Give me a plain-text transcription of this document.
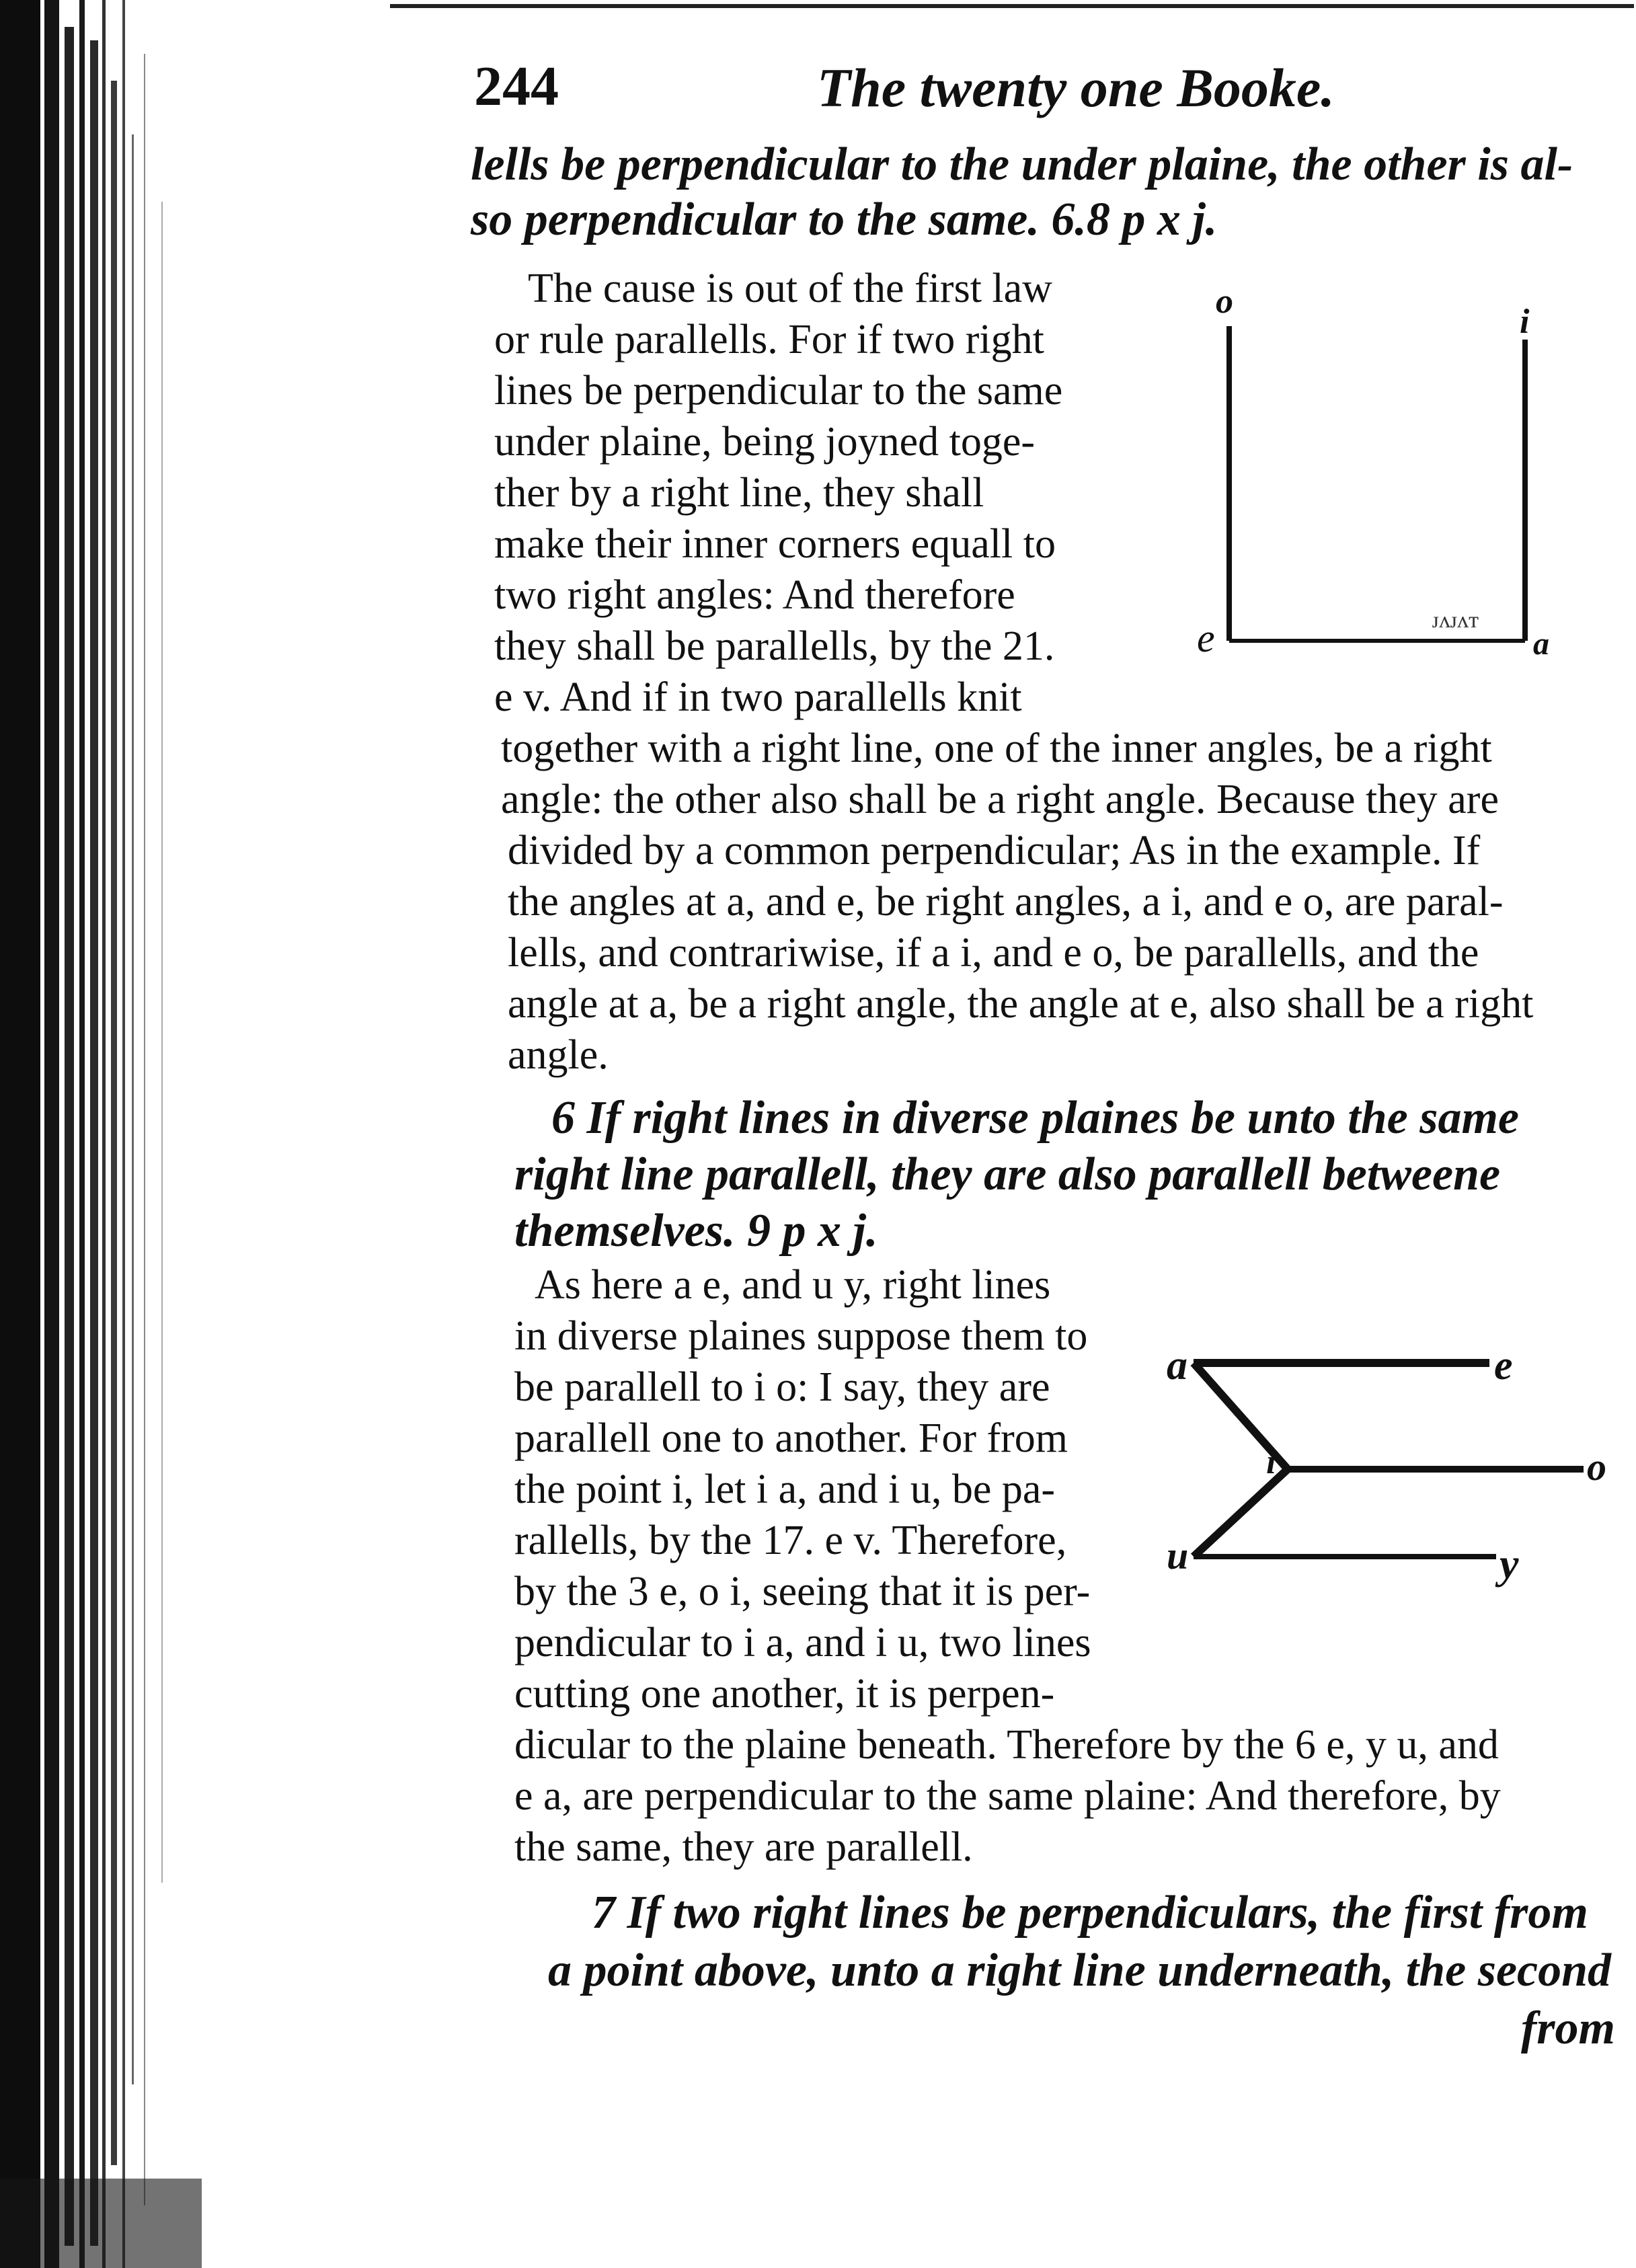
244	The twenty one Booke.
lells be perpendicular to the under plaine, the other is al-
so perpendicular to the same. 6.8 p x j.
The cause is out of the first law
or rule parallells. For if two right
lines be perpendicular to the same
under plaine, being joyned toge-
ther by a right line, they shall
make their inner corners equall to
two right angles: And therefore
they shall be parallells, by the 21.
e v. And if in two parallells knit
together with a right line, one of the inner angles, be a right
angle: the other also shall be a right angle. Because they are
divided by a common perpendicular; As in the example. If
the angles at a, and e, be right angles, a i, and e o, are paral-
lells, and contrariwise, if a i, and e o, be parallells, and the
angle at a, be a right angle, the angle at e, also shall be a right
angle.
6 If right lines in diverse plaines be unto the same
right line parallell, they are also parallell betweene
themselves. 9 p x j.
As here a e, and u y, right lines
in diverse plaines suppose them to
be parallell to i o: I say, they are
parallell one to another. For from
the point i, let i a, and i u, be pa-
rallells, by the 17. e v. Therefore,
by the 3 e, o i, seeing that it is per-
pendicular to i a, and i u, two lines
cutting one another, it is perpen-
dicular to the plaine beneath. Therefore by the 6 e, y u, and
e a, are perpendicular to the same plaine: And therefore, by
the same, they are parallell.
7 If two right lines be perpendiculars, the first from
a point above, unto a right line underneath, the second
from
o
i
e	a
ᴊᴧᴊᴧᴛ
a	e
i	o
u	y
